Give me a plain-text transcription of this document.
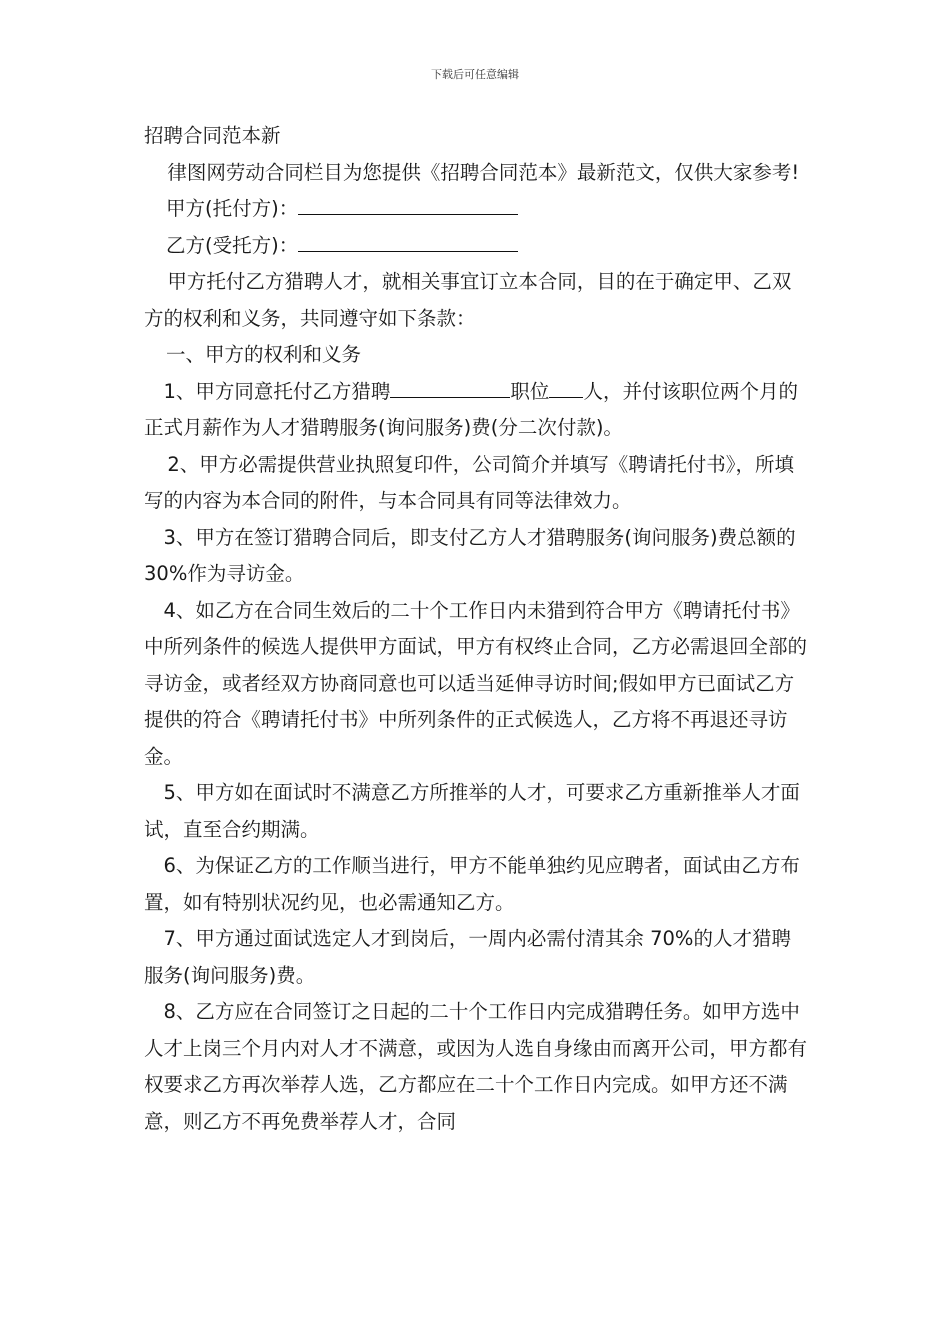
下载后可任意编辑

招聘合同范本新

律图网劳动合同栏目为您提供《招聘合同范本》最新范文，仅供大家参考!

甲方(托付方)：

乙方(受托方)：

甲方托付乙方猎聘人才，就相关事宜订立本合同，目的在于确定甲、乙双方的权利和义务，共同遵守如下条款：

一、甲方的权利和义务

1、甲方同意托付乙方猎聘	职位 人，并付该职位两个月的正式月薪作为人才猎聘服务(询问服务)费(分二次付款)。

2、甲方必需提供营业执照复印件，公司简介并填写《聘请托付书》，所填写的内容为本合同的附件，与本合同具有同等法律效力。

3、甲方在签订猎聘合同后，即支付乙方人才猎聘服务(询问服务)费总额的 30%作为寻访金。

4、如乙方在合同生效后的二十个工作日内未猎到符合甲方《聘请托付书》中所列条件的候选人提供甲方面试，甲方有权终止合同，乙方必需退回全部的寻访金，或者经双方协商同意也可以适当延伸寻访时间;假如甲方已面试乙方提供的符合《聘请托付书》中所列条件的正式候选人，乙方将不再退还寻访金。

5、甲方如在面试时不满意乙方所推举的人才，可要求乙方重新推举人才面试，直至合约期满。

6、为保证乙方的工作顺当进行，甲方不能单独约见应聘者，面试由乙方布置，如有特别状况约见，也必需通知乙方。

7、甲方通过面试选定人才到岗后，一周内必需付清其余 70%的人才猎聘服务(询问服务)费。

8、乙方应在合同签订之日起的二十个工作日内完成猎聘任务。如甲方选中人才上岗三个月内对人才不满意，或因为人选自身缘由而离开公司，甲方都有权要求乙方再次举荐人选，乙方都应在二十个工作日内完成。如甲方还不满意，则乙方不再免费举荐人才，合同
